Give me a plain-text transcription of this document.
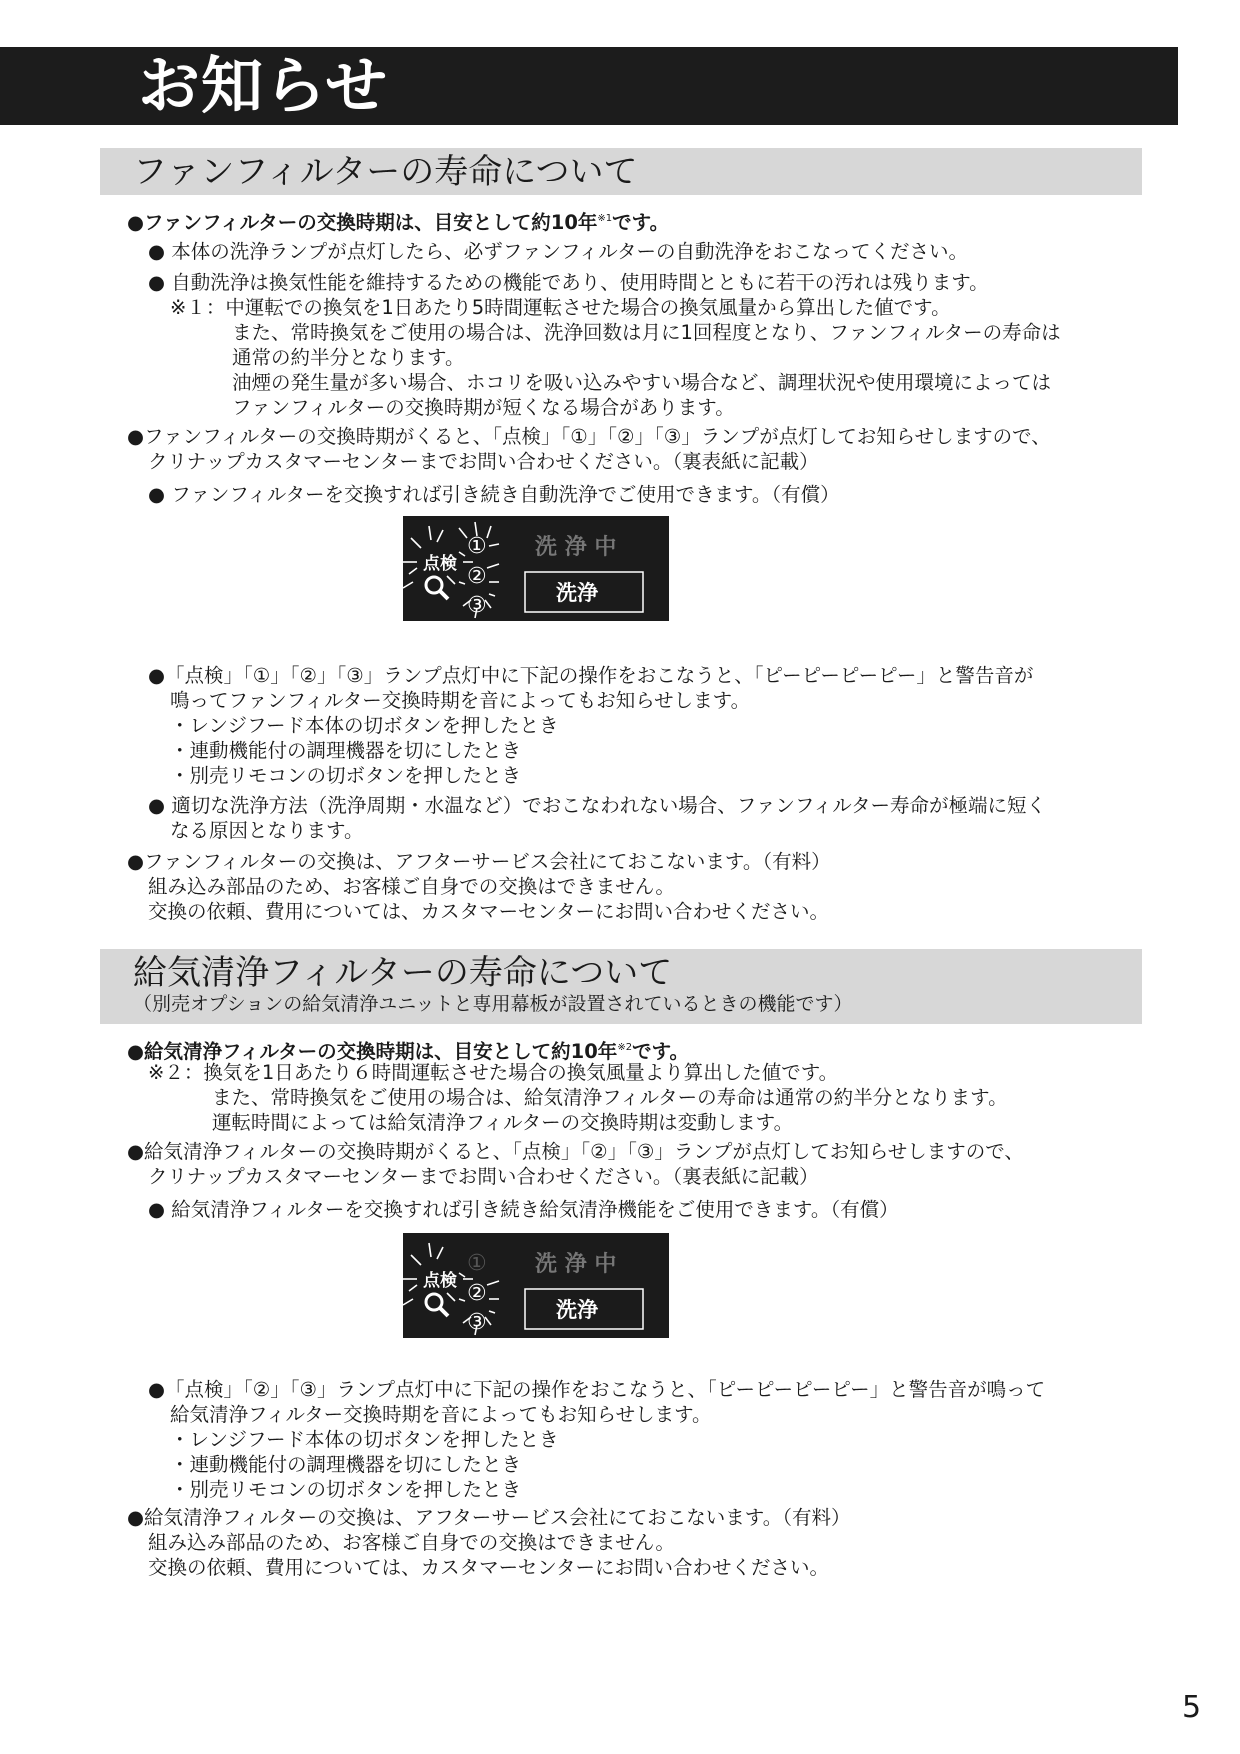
お知らせ
ファンフィルターの寿命について
●ファンフィルターの交換時期は、目安として約10年$^{※1}$です。
● 本体の洗浄ランプが点灯したら、必ずファンフィルターの自動洗浄をおこなってください。
● 自動洗浄は換気性能を維持するための機能であり、使用時間とともに若干の汚れは残ります。
※１：中運転での換気を1日あたり5時間運転させた場合の換気風量から算出した値です。
また、常時換気をご使用の場合は、洗浄回数は月に1回程度となり、ファンフィルターの寿命は
通常の約半分となります。
油煙の発生量が多い場合、ホコリを吸い込みやすい場合など、調理状況や使用環境によっては
ファンフィルターの交換時期が短くなる場合があります。
●ファンフィルターの交換時期がくると、「点検」「①」「②」「③」ランプが点灯してお知らせしますので、
クリナップカスタマーセンターまでお問い合わせください。（裏表紙に記載）
● ファンフィルターを交換すれば引き続き自動洗浄でご使用できます。（有償）
点検
①
②
③
洗 浄 中
洗浄
●「点検」「①」「②」「③」ランプ点灯中に下記の操作をおこなうと、「ピーピーピーピー」と警告音が
鳴ってファンフィルター交換時期を音によってもお知らせします。
・レンジフード本体の切ボタンを押したとき
・連動機能付の調理機器を切にしたとき
・別売リモコンの切ボタンを押したとき
● 適切な洗浄方法（洗浄周期・水温など）でおこなわれない場合、ファンフィルター寿命が極端に短く
なる原因となります。
●ファンフィルターの交換は、アフターサービス会社にておこないます。（有料）
組み込み部品のため、お客様ご自身での交換はできません。
交換の依頼、費用については、カスタマーセンターにお問い合わせください。
給気清浄フィルターの寿命について
（別売オプションの給気清浄ユニットと専用幕板が設置されているときの機能です）
●給気清浄フィルターの交換時期は、目安として約10年$^{※2}$です。
※２：換気を1日あたり６時間運転させた場合の換気風量より算出した値です。
また、常時換気をご使用の場合は、給気清浄フィルターの寿命は通常の約半分となります。
運転時間によっては給気清浄フィルターの交換時期は変動します。
●給気清浄フィルターの交換時期がくると、「点検」「②」「③」ランプが点灯してお知らせしますので、
クリナップカスタマーセンターまでお問い合わせください。（裏表紙に記載）
● 給気清浄フィルターを交換すれば引き続き給気清浄機能をご使用できます。（有償）
点検
①
②
③
洗 浄 中
洗浄
●「点検」「②」「③」ランプ点灯中に下記の操作をおこなうと、「ピーピーピーピー」と警告音が鳴って
給気清浄フィルター交換時期を音によってもお知らせします。
・レンジフード本体の切ボタンを押したとき
・連動機能付の調理機器を切にしたとき
・別売リモコンの切ボタンを押したとき
●給気清浄フィルターの交換は、アフターサービス会社にておこないます。（有料）
組み込み部品のため、お客様ご自身での交換はできません。
交換の依頼、費用については、カスタマーセンターにお問い合わせください。
5
